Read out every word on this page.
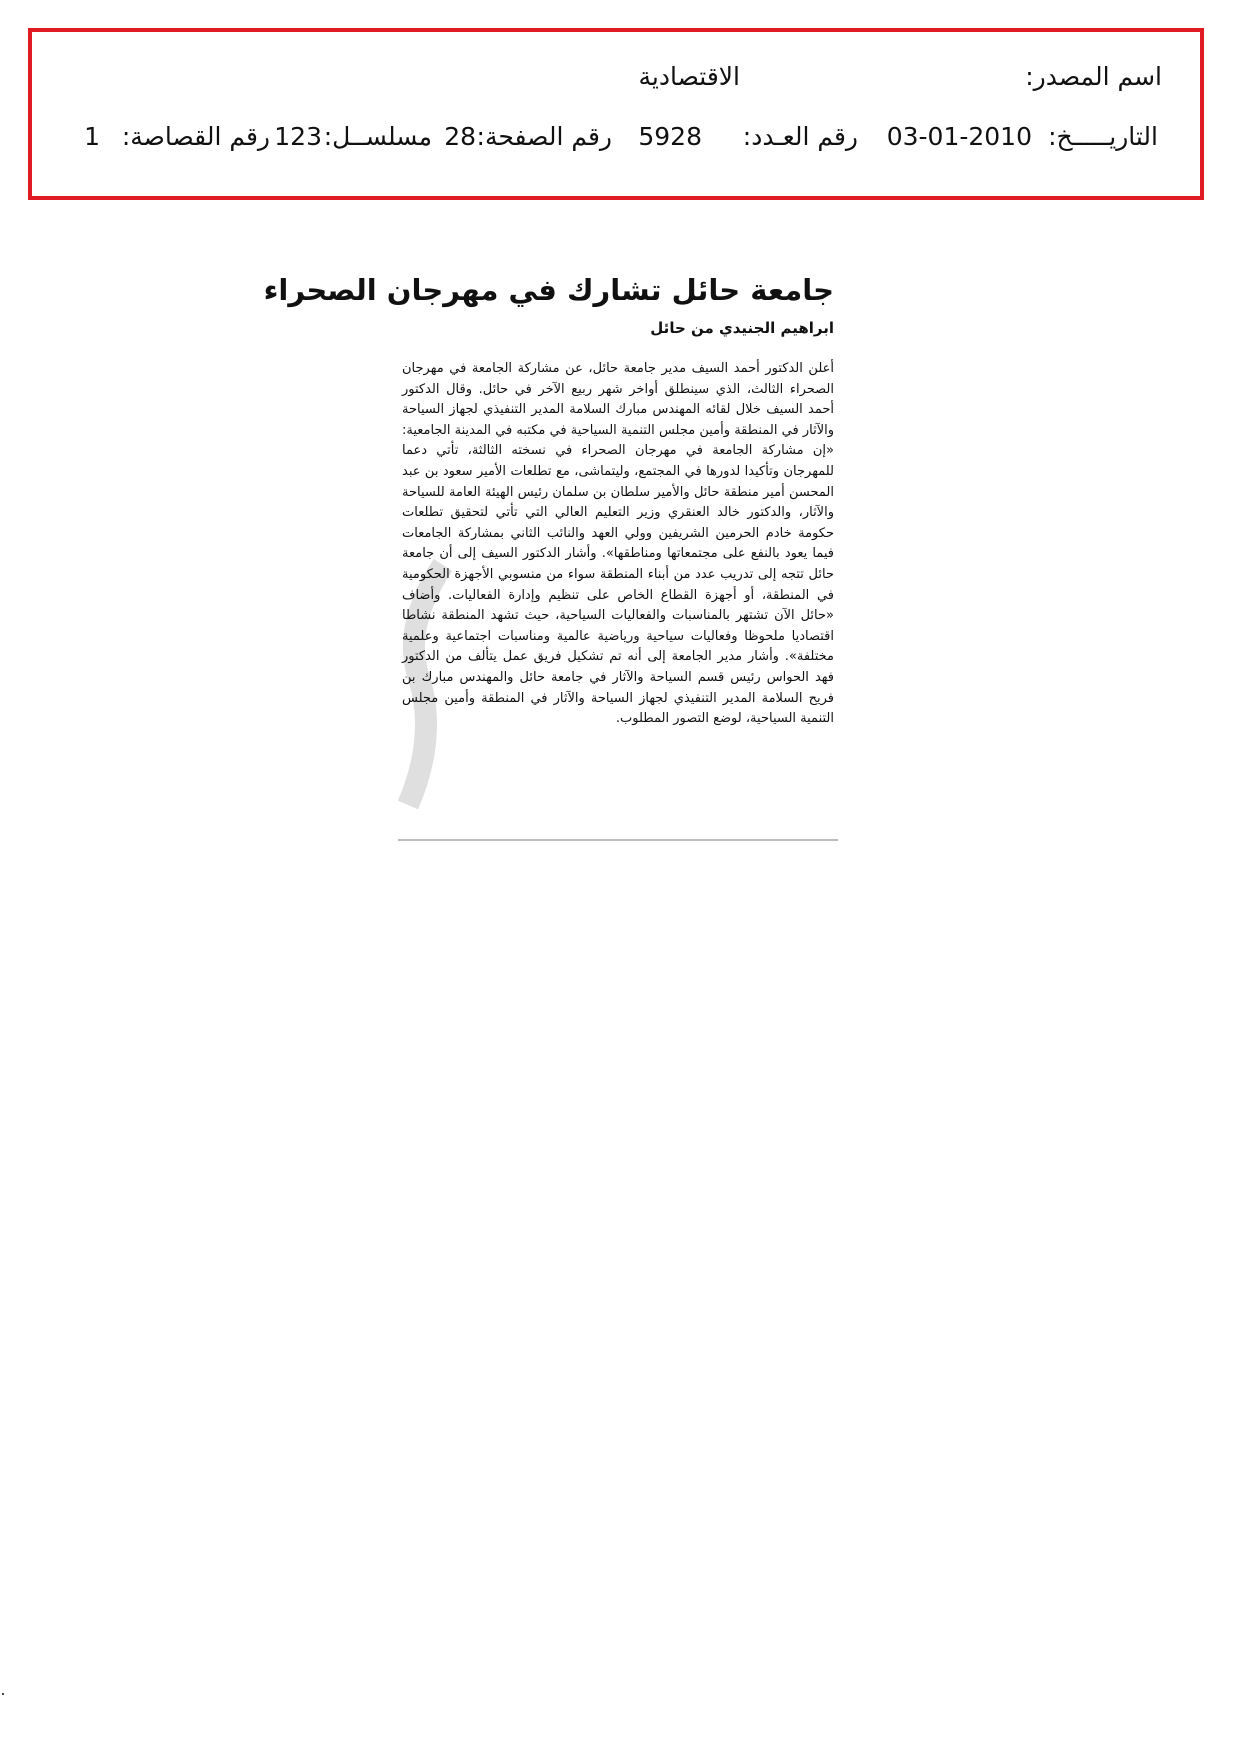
اسم المصدر:
الاقتصادية
التاريـــــخ:
03-01-2010
رقم العـدد:
5928
رقم الصفحة:
28
مسلســل:
123
رقم القصاصة:
1
جامعة حائل تشارك في مهرجان الصحراء
ابراهيم الجنيدي من حائل
أعلن الدكتور أحمد السيف مدير جامعة حائل، عن مشاركة الجامعة في مهرجان الصحراء الثالث، الذي سينطلق أواخر شهر ربيع الآخر في حائل. وقال الدكتور أحمد السيف خلال لقائه المهندس مبارك السلامة المدير التنفيذي لجهاز السياحة والآثار في المنطقة وأمين مجلس التنمية السياحية في مكتبه في المدينة الجامعية: «إن مشاركة الجامعة في مهرجان الصحراء في نسخته الثالثة، تأتي دعما للمهرجان وتأكيدا لدورها في المجتمع، وليتماشى، مع تطلعات الأمير سعود بن عبد المحسن أمير منطقة حائل والأمير سلطان بن سلمان رئيس الهيئة العامة للسياحة والآثار، والدكتور خالد العنقري وزير التعليم العالي التي تأتي لتحقيق تطلعات حكومة خادم الحرمين الشريفين وولي العهد والنائب الثاني بمشاركة الجامعات فيما يعود بالنفع على مجتمعاتها ومناطقها». وأشار الدكتور السيف إلى أن جامعة حائل تتجه إلى تدريب عدد من أبناء المنطقة سواء من منسوبي الأجهزة الحكومية في المنطقة، أو أجهزة القطاع الخاص على تنظيم وإدارة الفعاليات. وأضاف «حائل الآن تشتهر بالمناسبات والفعاليات السياحية، حيث تشهد المنطقة نشاطا اقتصاديا ملحوظا وفعاليات سياحية ورياضية عالمية ومناسبات اجتماعية وعلمية مختلفة». وأشار مدير الجامعة إلى أنه تم تشكيل فريق عمل يتألف من الدكتور فهد الحواس رئيس قسم السياحة والآثار في جامعة حائل والمهندس مبارك بن فريح السلامة المدير التنفيذي لجهاز السياحة والآثار في المنطقة وأمين مجلس التنمية السياحية، لوضع التصور المطلوب.
